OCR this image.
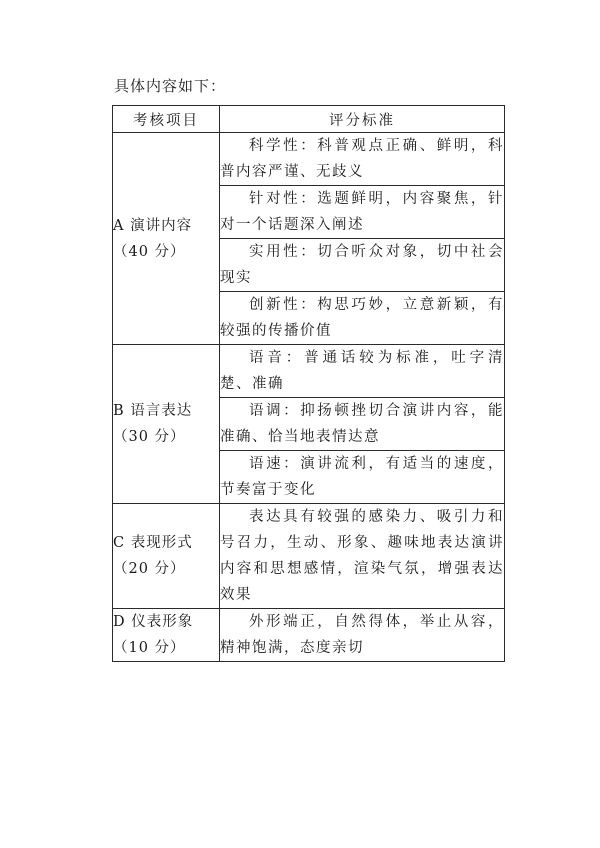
具体内容如下：
考核项目	评分标准

A 演讲内容
（40 分）	科学性：科普观点正确、鲜明，科普内容严谨、无歧义
	针对性：选题鲜明，内容聚焦，针对一个话题深入阐述
	实用性：切合听众对象，切中社会现实
	创新性：构思巧妙，立意新颖，有较强的传播价值

B 语言表达
（30 分）	语音：普通话较为标准，吐字清楚、准确
	语调：抑扬顿挫切合演讲内容，能准确、恰当地表情达意
	语速：演讲流利，有适当的速度，节奏富于变化

C 表现形式
（20 分）	表达具有较强的感染力、吸引力和号召力，生动、形象、趣味地表达演讲内容和思想感情，渲染气氛，增强表达效果

D 仪表形象
（10 分）	外形端正，自然得体，举止从容，精神饱满，态度亲切
